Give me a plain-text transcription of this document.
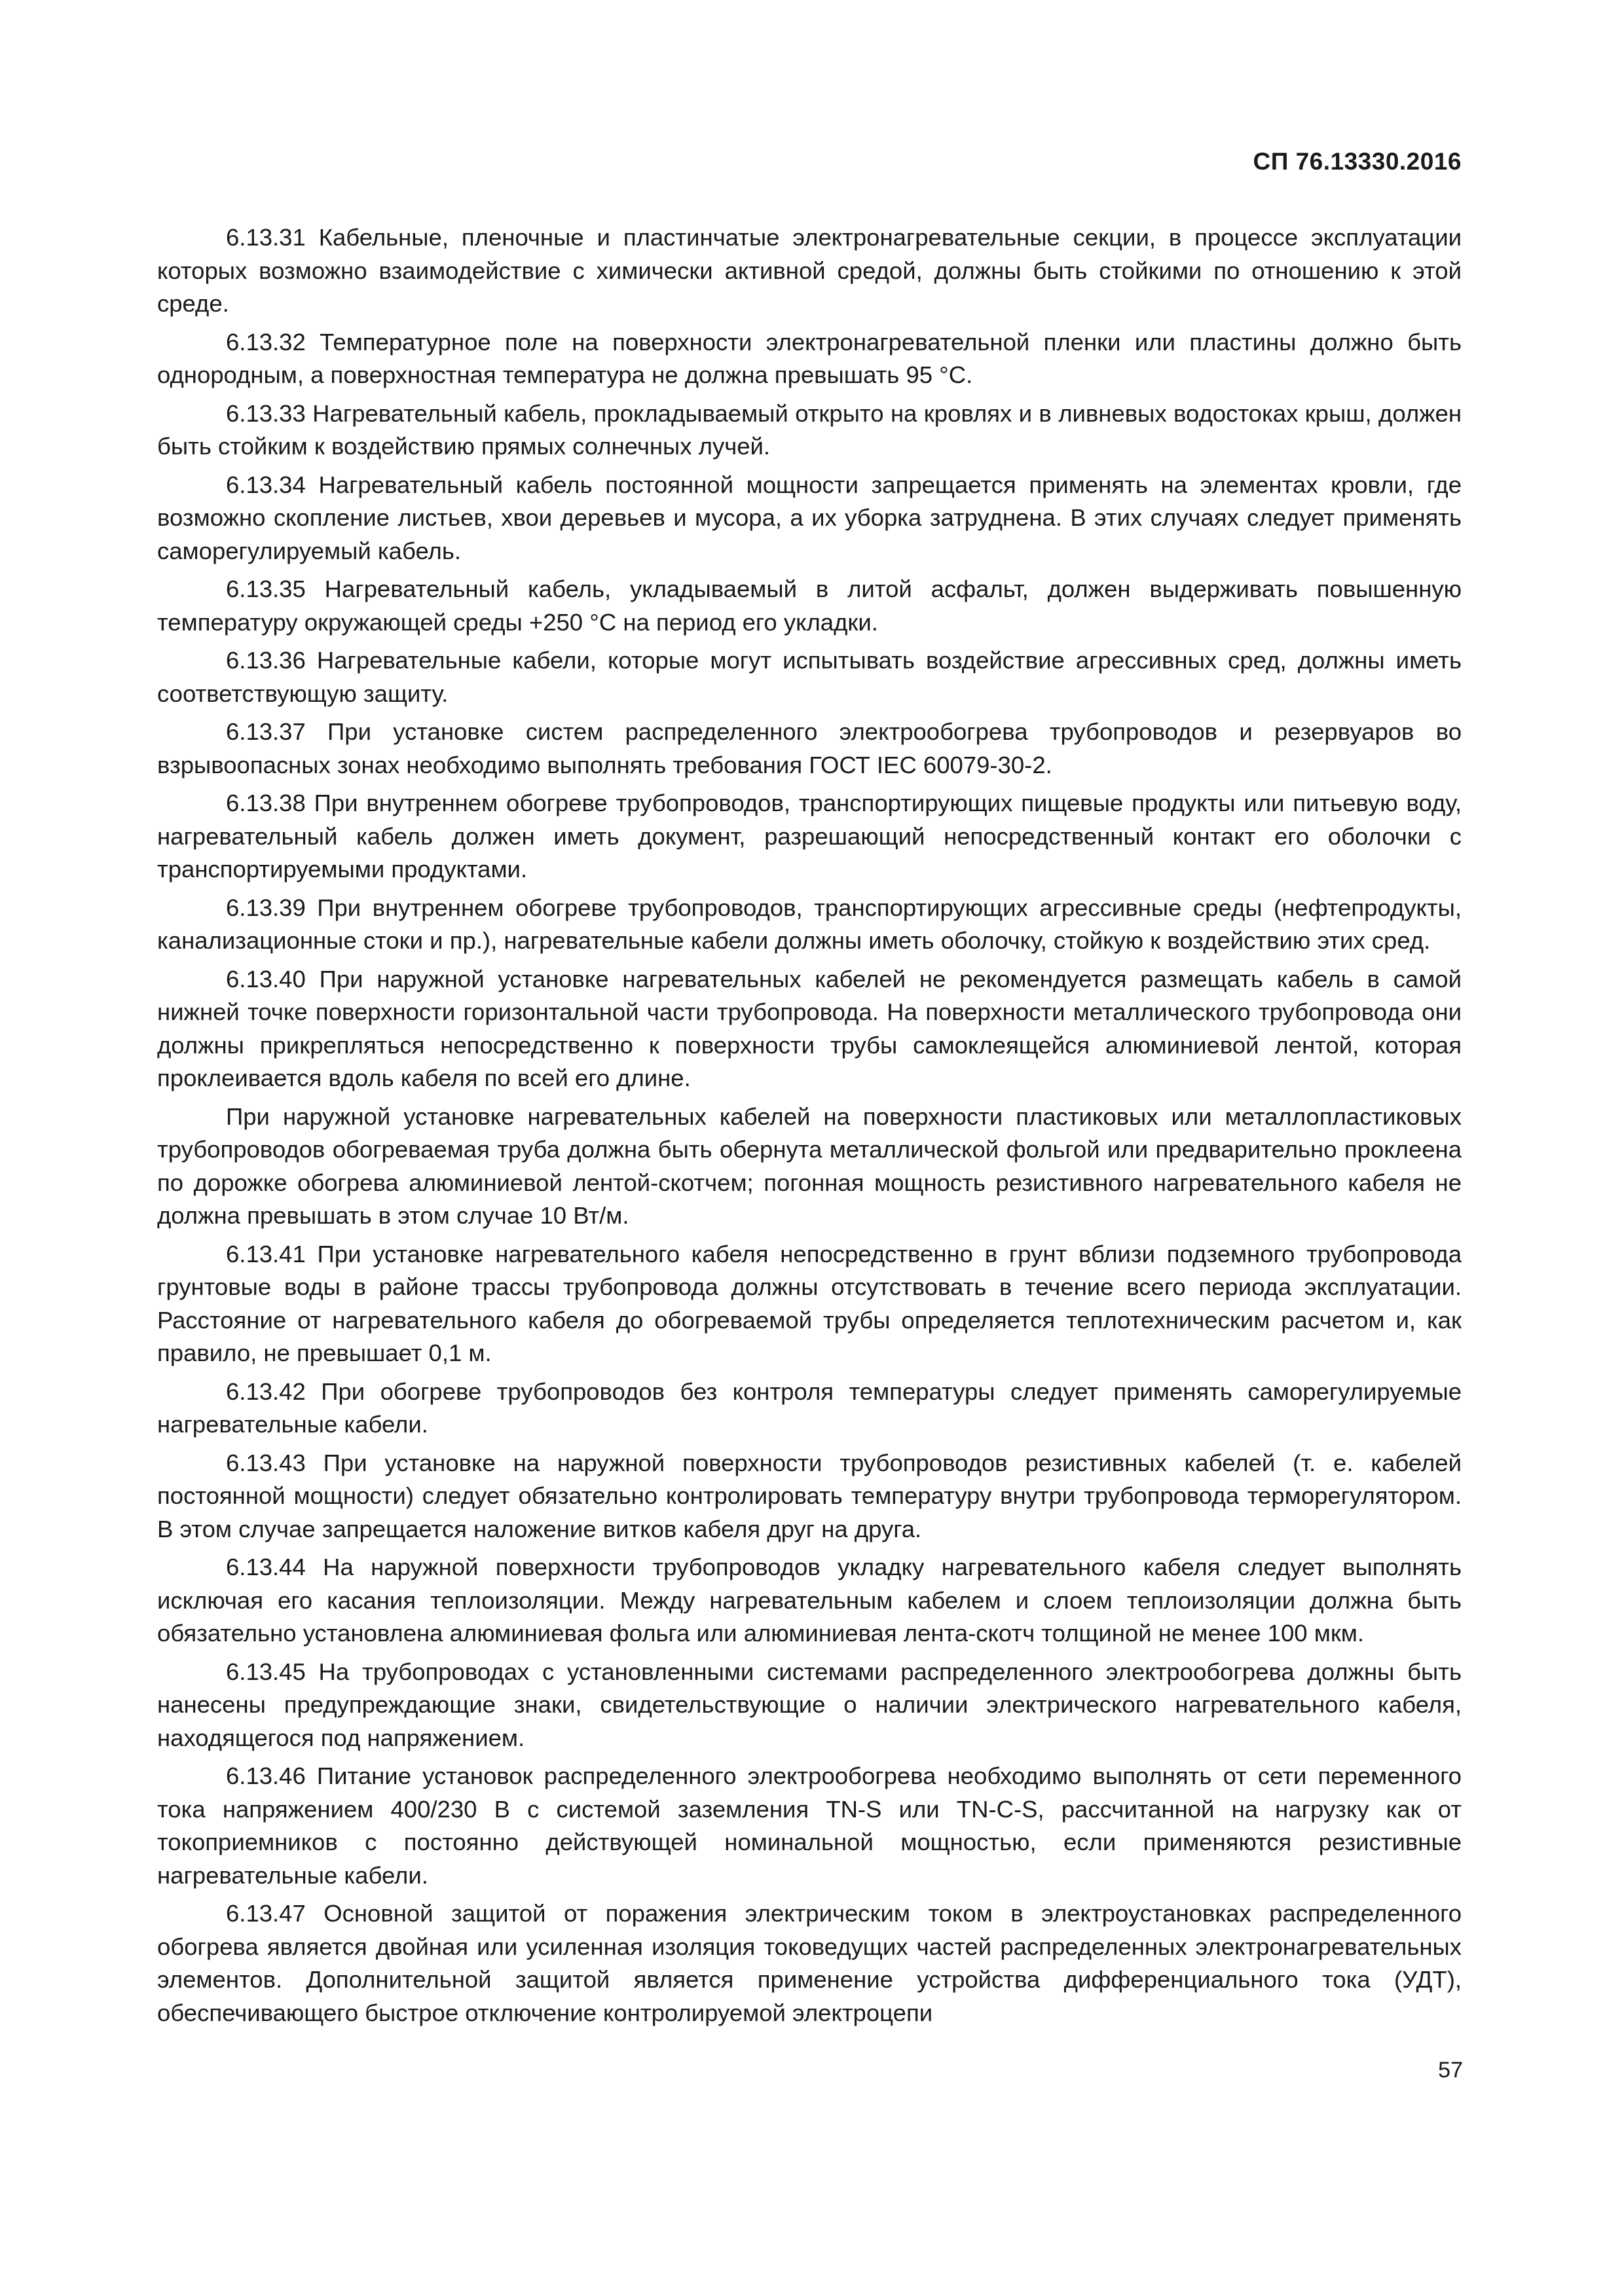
СП 76.13330.2016

6.13.31 Кабельные, пленочные и пластинчатые электронагревательные секции, в процессе эксплуатации которых возможно взаимодействие с химически активной средой, должны быть стойкими по отношению к этой среде.

6.13.32 Температурное поле на поверхности электронагревательной пленки или пластины должно быть однородным, а поверхностная температура не должна превышать 95 °С.

6.13.33 Нагревательный кабель, прокладываемый открыто на кровлях и в ливневых водостоках крыш, должен быть стойким к воздействию прямых солнечных лучей.

6.13.34 Нагревательный кабель постоянной мощности запрещается применять на элементах кровли, где возможно скопление листьев, хвои деревьев и мусора, а их уборка затруднена. В этих случаях следует применять саморегулируемый кабель.

6.13.35 Нагревательный кабель, укладываемый в литой асфальт, должен выдерживать повышенную температуру окружающей среды +250 °С на период его укладки.

6.13.36 Нагревательные кабели, которые могут испытывать воздействие агрессивных сред, должны иметь соответствующую защиту.

6.13.37 При установке систем распределенного электрообогрева трубопроводов и резервуаров во взрывоопасных зонах необходимо выполнять требования ГОСТ IEC 60079-30-2.

6.13.38 При внутреннем обогреве трубопроводов, транспортирующих пищевые продукты или питьевую воду, нагревательный кабель должен иметь документ, разрешающий непосредственный контакт его оболочки с транспортируемыми продуктами.

6.13.39 При внутреннем обогреве трубопроводов, транспортирующих агрессивные среды (нефтепродукты, канализационные стоки и пр.), нагревательные кабели должны иметь оболочку, стойкую к воздействию этих сред.

6.13.40 При наружной установке нагревательных кабелей не рекомендуется размещать кабель в самой нижней точке поверхности горизонтальной части трубопровода. На поверхности металлического трубопровода они должны прикрепляться непосредственно к поверхности трубы самоклеящейся алюминиевой лентой, которая проклеивается вдоль кабеля по всей его длине.

При наружной установке нагревательных кабелей на поверхности пластиковых или металлопластиковых трубопроводов обогреваемая труба должна быть обернута металлической фольгой или предварительно проклеена по дорожке обогрева алюминиевой лентой-скотчем; погонная мощность резистивного нагревательного кабеля не должна превышать в этом случае 10 Вт/м.

6.13.41 При установке нагревательного кабеля непосредственно в грунт вблизи подземного трубопровода грунтовые воды в районе трассы трубопровода должны отсутствовать в течение всего периода эксплуатации. Расстояние от нагревательного кабеля до обогреваемой трубы определяется теплотехническим расчетом и, как правило, не превышает 0,1 м.

6.13.42 При обогреве трубопроводов без контроля температуры следует применять саморегулируемые нагревательные кабели.

6.13.43 При установке на наружной поверхности трубопроводов резистивных кабелей (т. е. кабелей постоянной мощности) следует обязательно контролировать температуру внутри трубопровода терморегулятором. В этом случае запрещается наложение витков кабеля друг на друга.

6.13.44 На наружной поверхности трубопроводов укладку нагревательного кабеля следует выполнять исключая его касания теплоизоляции. Между нагревательным кабелем и слоем теплоизоляции должна быть обязательно установлена алюминиевая фольга или алюминиевая лента-скотч толщиной не менее 100 мкм.

6.13.45 На трубопроводах с установленными системами распределенного электрообогрева должны быть нанесены предупреждающие знаки, свидетельствующие о наличии электрического нагревательного кабеля, находящегося под напряжением.

6.13.46 Питание установок распределенного электрообогрева необходимо выполнять от сети переменного тока напряжением 400/230 В с системой заземления TN-S или TN-C-S, рассчитанной на нагрузку как от токоприемников с постоянно действующей номинальной мощностью, если применяются резистивные нагревательные кабели.

6.13.47 Основной защитой от поражения электрическим током в электроустановках распределенного обогрева является двойная или усиленная изоляция токоведущих частей распределенных электронагревательных элементов. Дополнительной защитой является применение устройства дифференциального тока (УДТ), обеспечивающего быстрое отключение контролируемой электроцепи

57
